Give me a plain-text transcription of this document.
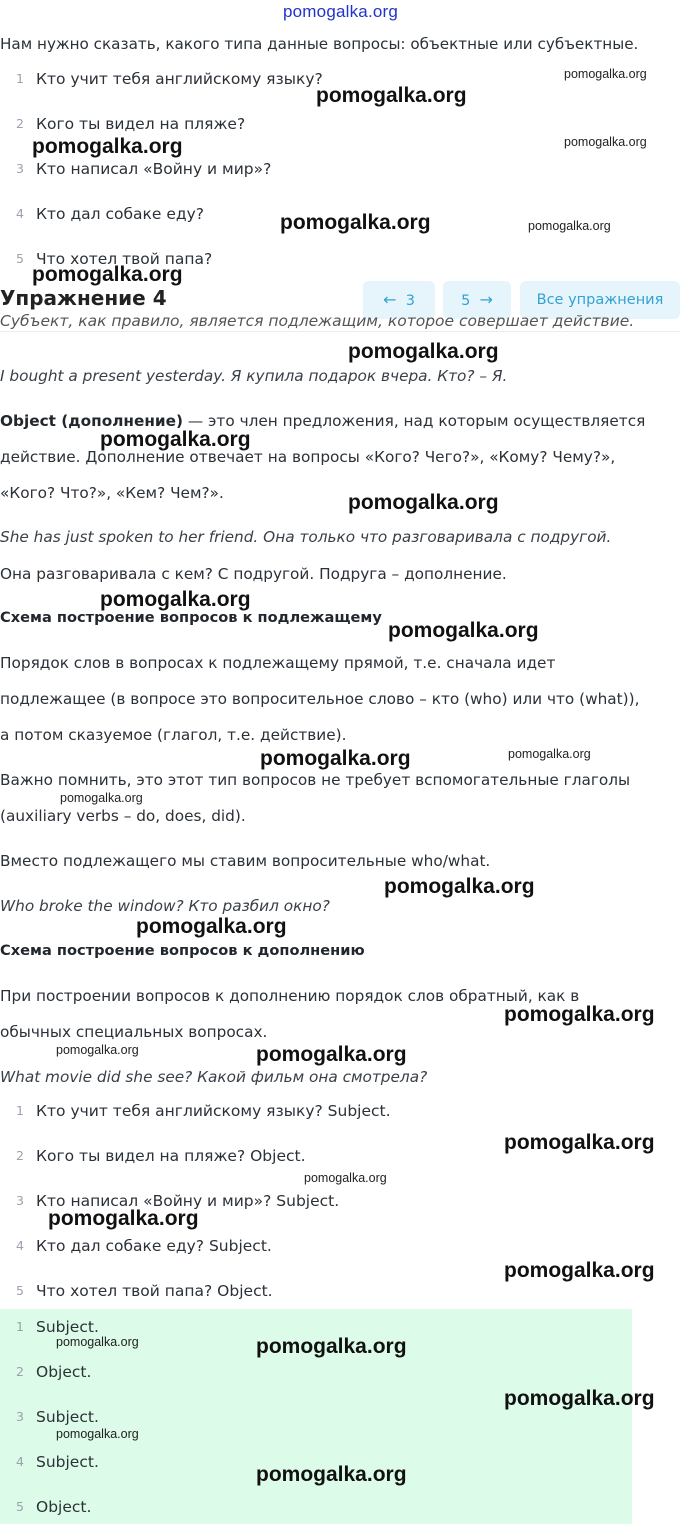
pomogalka.org
Нам нужно сказать, какого типа данные вопросы: объектные или субъектные.
1 Кто учит тебя английскому языку?
2 Кого ты видел на пляже?
3 Кто написал «Войну и мир»?
4 Кто дал собаке еду?
5 Что хотел твой папа?
Упражнение 4	← 3	5 →	Все упражнения
Субъект, как правило, является подлежащим, которое совершает действие.
I bought a present yesterday. Я купила подарок вчера. Кто? – Я.
Object (дополнение) — это член предложения, над которым осуществляется
действие. Дополнение отвечает на вопросы «Кого? Чего?», «Кому? Чему?»,
«Кого? Что?», «Кем? Чем?».
She has just spoken to her friend. Она только что разговаривала с подругой.
Она разговаривала с кем? С подругой. Подруга – дополнение.
Схема построение вопросов к подлежащему
Порядок слов в вопросах к подлежащему прямой, т.е. сначала идет
подлежащее (в вопросе это вопросительное слово – кто (who) или что (what)),
а потом сказуемое (глагол, т.е. действие).
Важно помнить, это этот тип вопросов не требует вспомогательные глаголы
(auxiliary verbs – do, does, did).
Вместо подлежащего мы ставим вопросительные who/what.
Who broke the window? Кто разбил окно?
Схема построение вопросов к дополнению
При построении вопросов к дополнению порядок слов обратный, как в
обычных специальных вопросах.
What movie did she see? Какой фильм она смотрела?
1 Кто учит тебя английскому языку? Subject.
2 Кого ты видел на пляже? Object.
3 Кто написал «Войну и мир»? Subject.
4 Кто дал собаке еду? Subject.
5 Что хотел твой папа? Object.
1 Subject.
2 Object.
3 Subject.
4 Subject.
5 Object.
pomogalka.org
pomogalka.org
pomogalka.org	pomogalka.org
pomogalka.org	pomogalka.org
pomogalka.org
pomogalka.org
pomogalka.org
pomogalka.org
pomogalka.org
pomogalka.org
pomogalka.org	pomogalka.org
pomogalka.org
pomogalka.org
pomogalka.org
pomogalka.org
pomogalka.org	pomogalka.org
pomogalka.org
pomogalka.org
pomogalka.org
pomogalka.org
pomogalka.org	pomogalka.org
pomogalka.org
pomogalka.org
pomogalka.org
